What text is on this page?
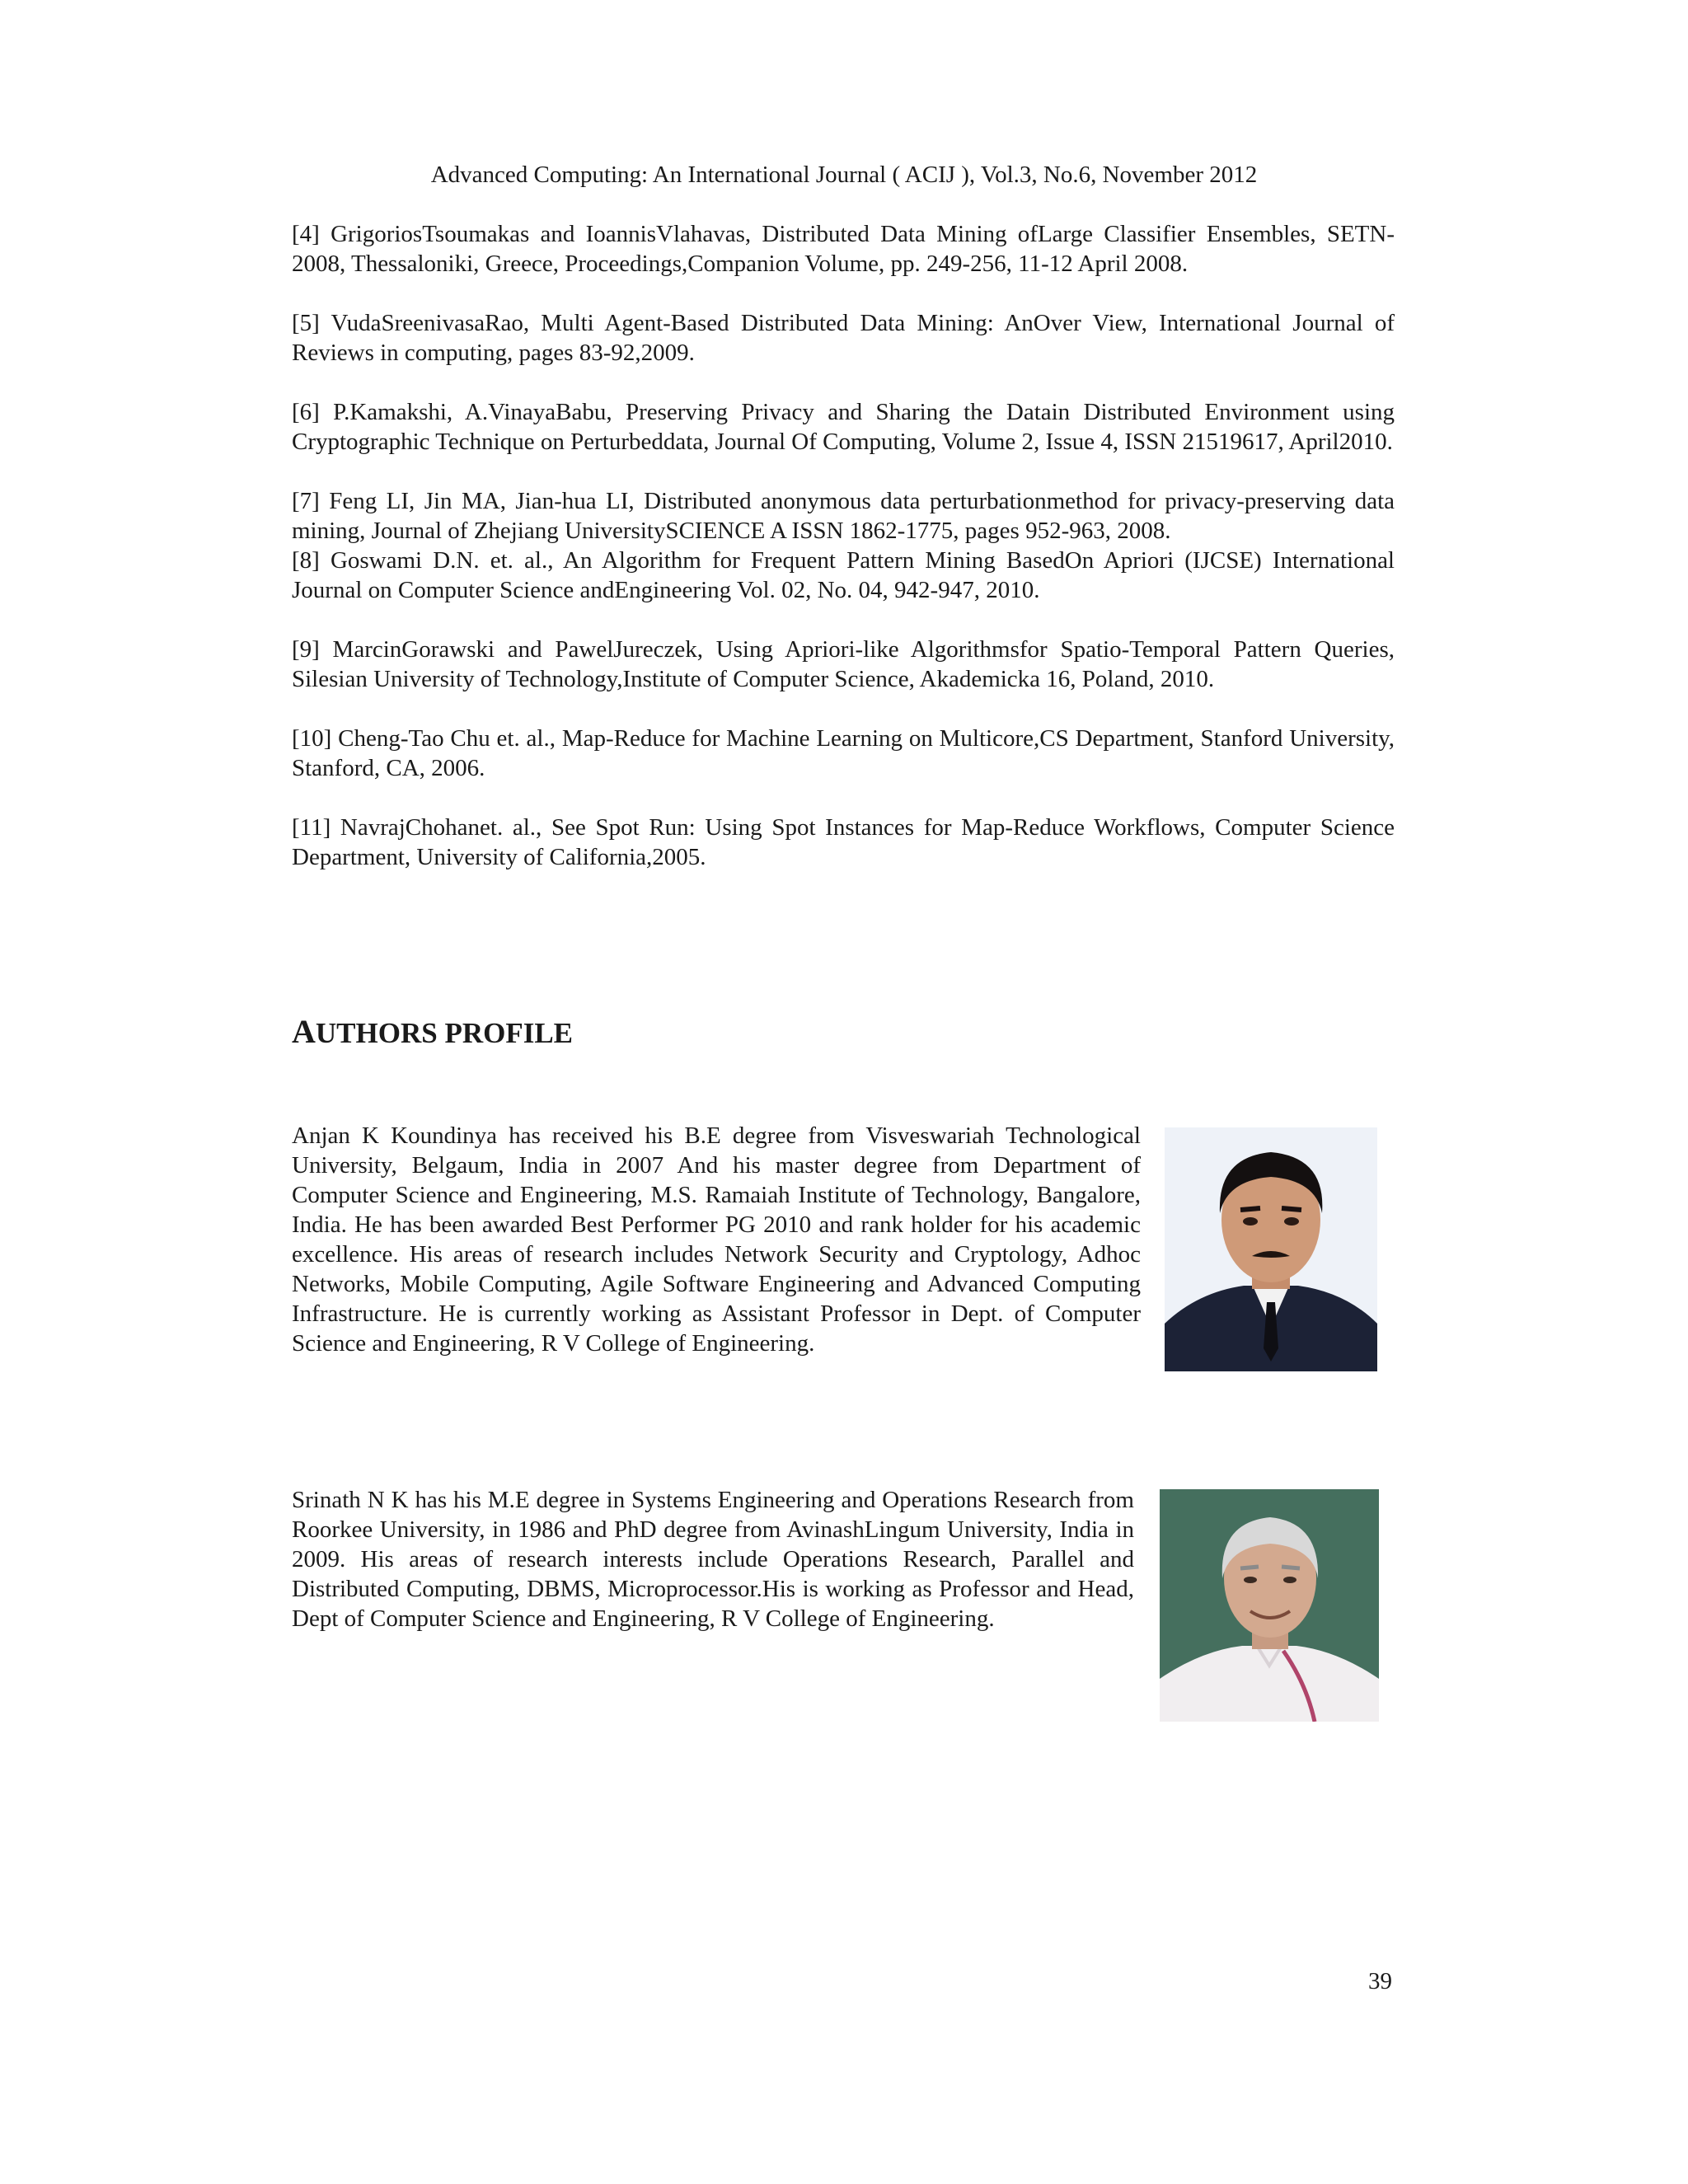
Advanced Computing: An International Journal ( ACIJ ), Vol.3, No.6, November 2012

[4] GrigoriosTsoumakas and IoannisVlahavas, Distributed Data Mining ofLarge Classifier Ensembles, SETN-2008, Thessaloniki, Greece, Proceedings,Companion Volume, pp. 249-256, 11-12 April 2008.

[5] VudaSreenivasaRao, Multi Agent-Based Distributed Data Mining: AnOver View, International Journal of Reviews in computing, pages 83-92,2009.

[6] P.Kamakshi, A.VinayaBabu, Preserving Privacy and Sharing the Datain Distributed Environment using Cryptographic Technique on Perturbeddata, Journal Of Computing, Volume 2, Issue 4, ISSN 21519617, April2010.

[7] Feng LI, Jin MA, Jian-hua LI, Distributed anonymous data perturbationmethod for privacy-preserving data mining, Journal of Zhejiang UniversitySCIENCE A ISSN 1862-1775, pages 952-963, 2008.

[8] Goswami D.N. et. al., An Algorithm for Frequent Pattern Mining BasedOn Apriori (IJCSE) International Journal on Computer Science andEngineering Vol. 02, No. 04, 942-947, 2010.

[9] MarcinGorawski and PawelJureczek, Using Apriori-like Algorithmsfor Spatio-Temporal Pattern Queries, Silesian University of Technology,Institute of Computer Science, Akademicka 16, Poland, 2010.

[10] Cheng-Tao Chu et. al., Map-Reduce for Machine Learning on Multicore,CS Department, Stanford University, Stanford, CA, 2006.

[11] NavrajChohanet. al., See Spot Run: Using Spot Instances for Map-Reduce Workflows, Computer Science Department, University of California,2005.

AUTHORS PROFILE

Anjan K Koundinya has received his B.E degree from Visveswariah Technological University, Belgaum, India in 2007 And his master degree from Department of Computer Science and Engineering, M.S. Ramaiah Institute of Technology, Bangalore, India. He has been awarded Best Performer PG 2010 and rank holder for his academic excellence. His areas of research includes Network Security and Cryptology, Adhoc Networks, Mobile Computing, Agile Software Engineering and Advanced Computing Infrastructure. He is currently working as Assistant Professor in Dept. of Computer Science and Engineering, R V College of Engineering.

Srinath N K has his M.E degree in Systems Engineering and Operations Research from Roorkee University, in 1986 and PhD degree from AvinashLingum University, India in 2009. His areas of research interests include Operations Research, Parallel and Distributed Computing, DBMS, Microprocessor.His is working as Professor and Head, Dept of Computer Science and Engineering, R V College of Engineering.

39
